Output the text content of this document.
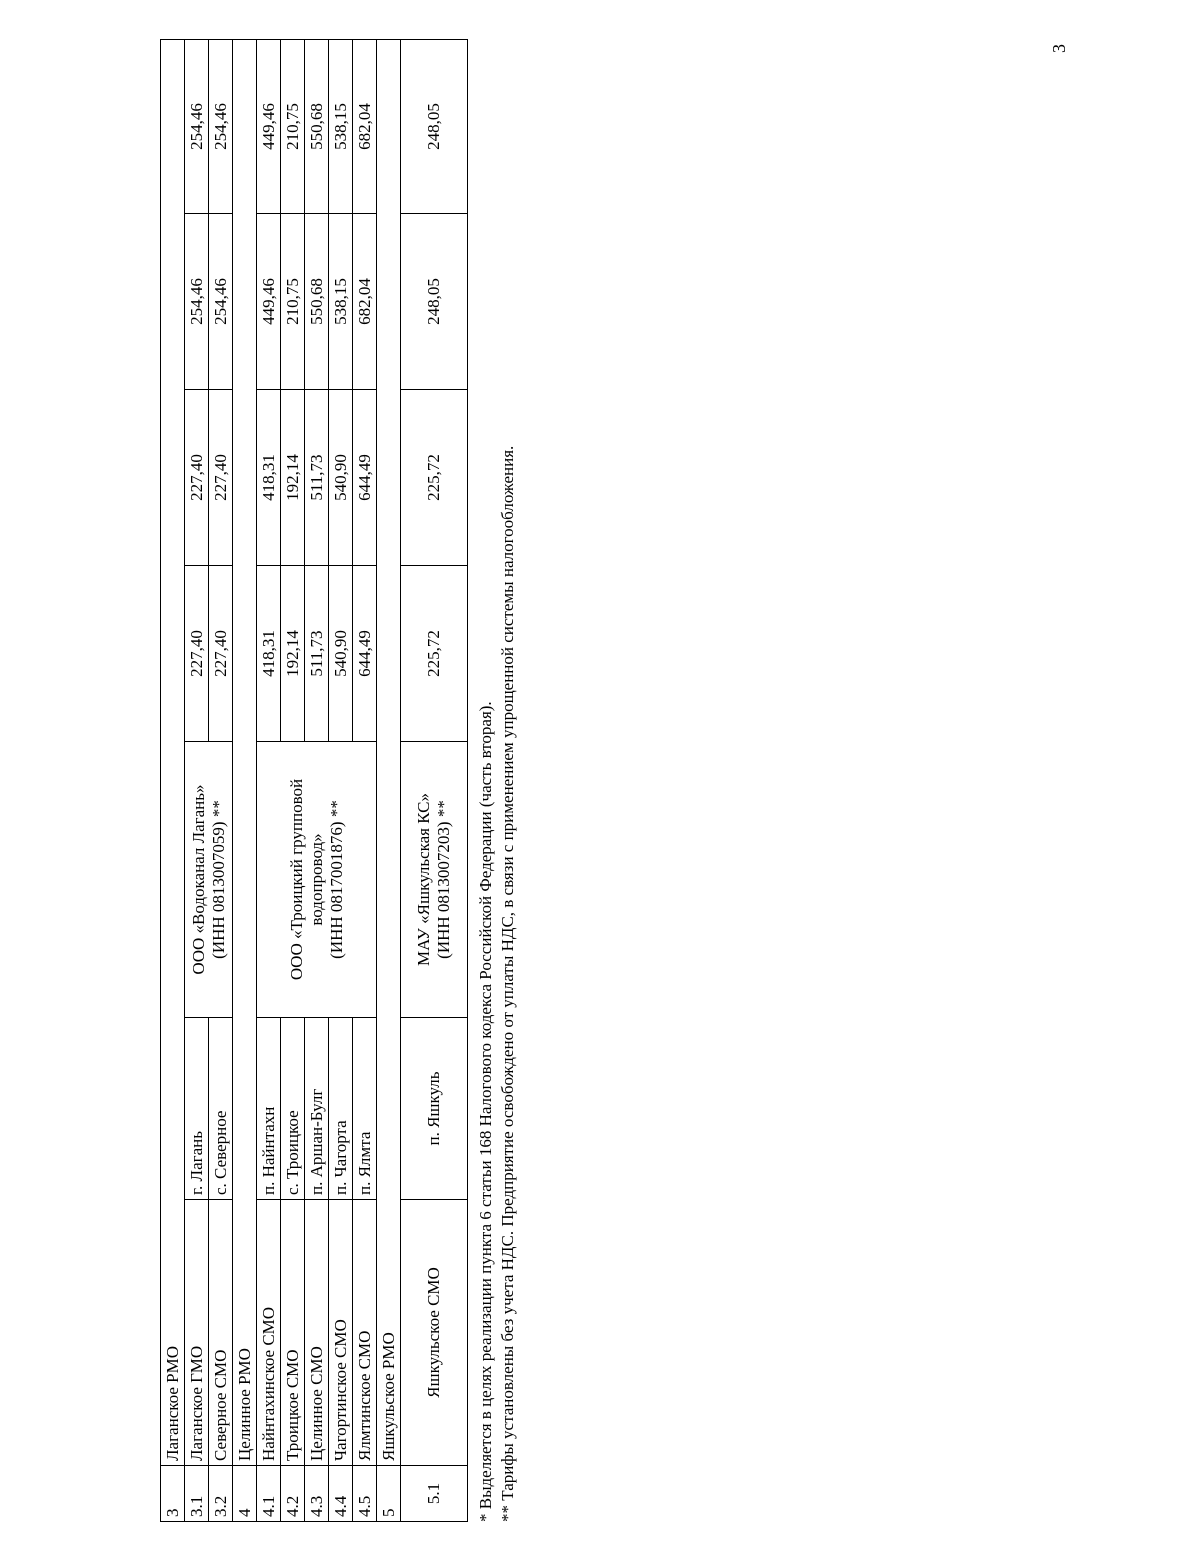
3
3	Лаганское РМО						
3.1	Лаганское ГМО	г. Лагань	ООО «Водоканал Лагань» (ИНН 0813007059) **	227,40	227,40	254,46	254,46
3.2	Северное СМО	с. Северное		227,40	227,40	254,46	254,46
4	Целинное РМО						
4.1	Найнтахинское СМО	п. Найнтахн	ООО «Троицкий групповой водопровод» (ИНН 0817001876) **	418,31	418,31	449,46	449,46
4.2	Троицкое СМО	с. Троицкое		192,14	192,14	210,75	210,75
4.3	Целинное СМО	п. Аршан-Булг		511,73	511,73	550,68	550,68
4.4	Чагортинское СМО	п. Чагорта		540,90	540,90	538,15	538,15
4.5	Ялмтинское СМО	п. Ялмта		644,49	644,49	682,04	682,04
5	Яшкульское РМО						
5.1	Яшкульское СМО	п. Яшкуль	МАУ «Яшкульская КС» (ИНН 0813007203) **	225,72	225,72	248,05	248,05

* Выделяется в целях реализации пункта 6 статьи 168 Налогового кодекса Российской Федерации (часть вторая). ** Тарифы установлены без учета НДС. Предприятие освобождено от уплаты НДС, в связи с применением упрощенной системы налогообложения.
